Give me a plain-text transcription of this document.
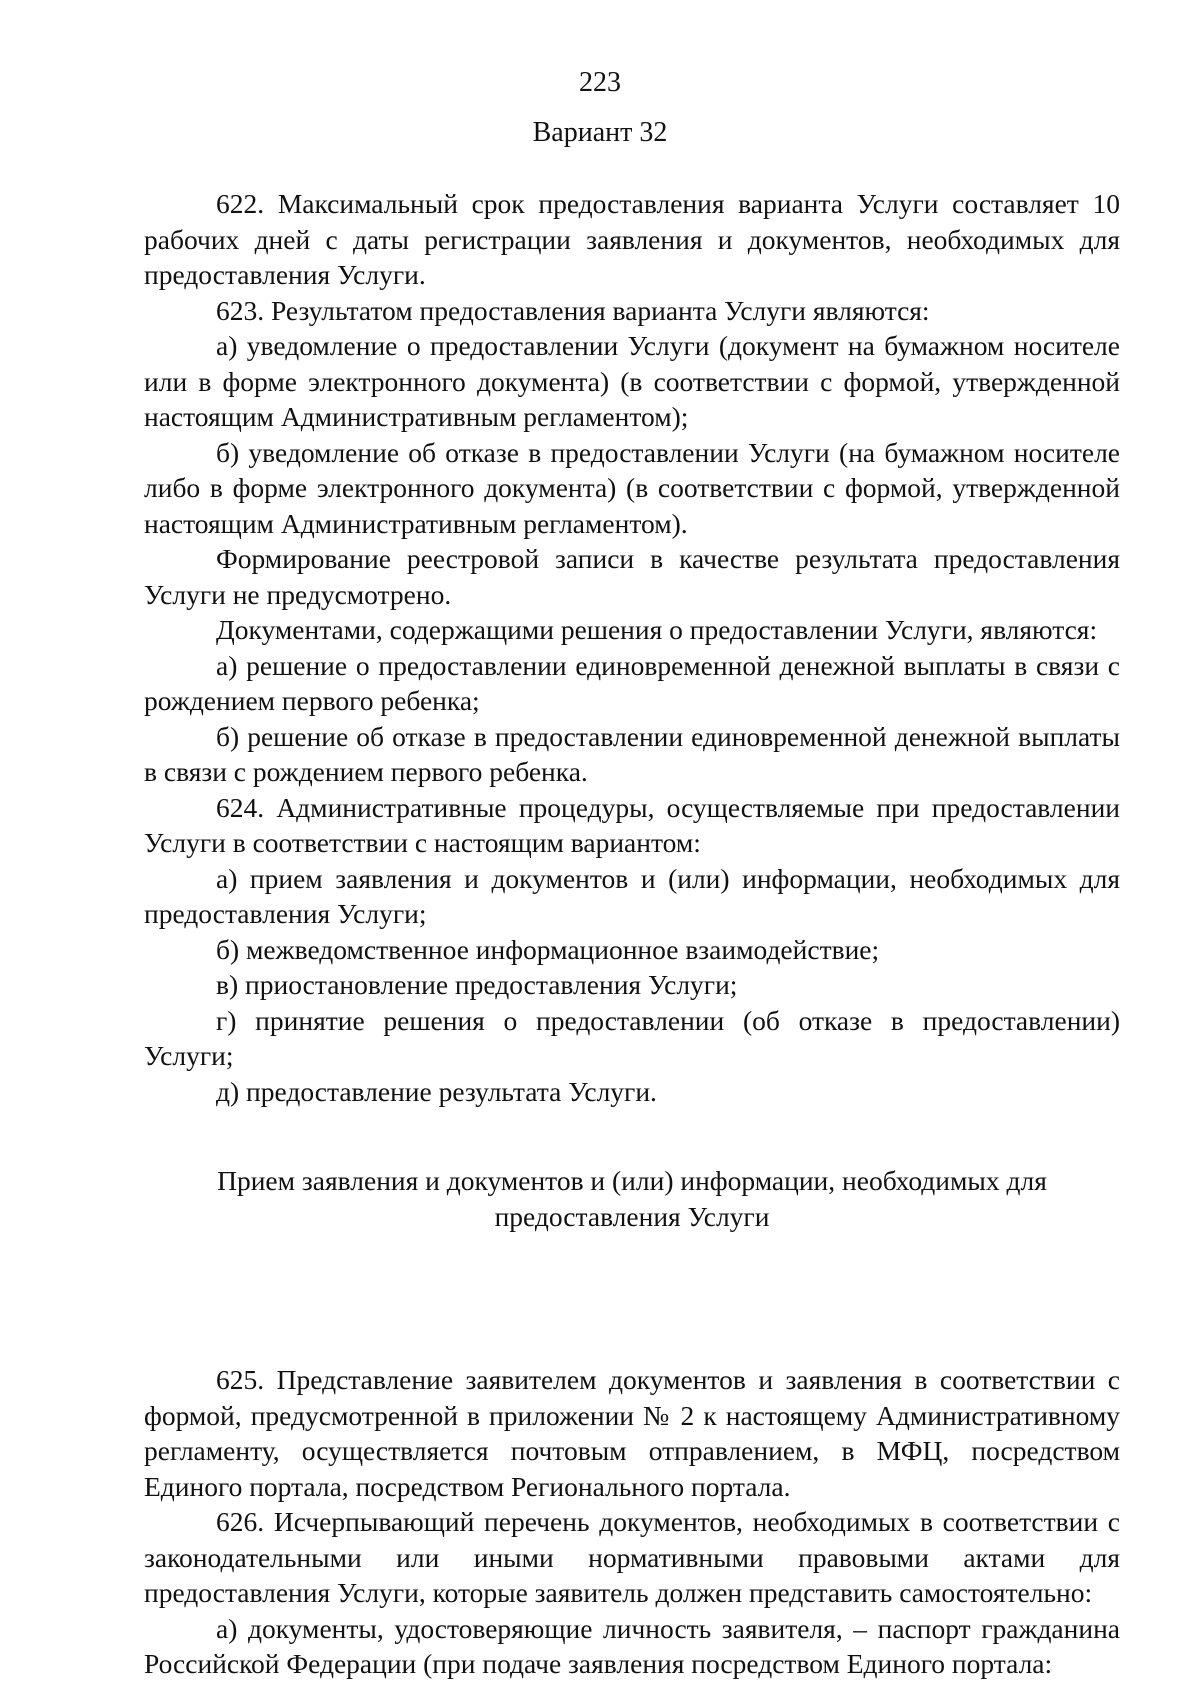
223
Вариант 32

622. Максимальный срок предоставления варианта Услуги составляет 10 рабочих дней с даты регистрации заявления и документов, необходимых для предоставления Услуги.

623. Результатом предоставления варианта Услуги являются:

а) уведомление о предоставлении Услуги (документ на бумажном носителе или в форме электронного документа) (в соответствии с формой, утвержденной настоящим Административным регламентом);

б) уведомление об отказе в предоставлении Услуги (на бумажном носителе либо в форме электронного документа) (в соответствии с формой, утвержденной настоящим Административным регламентом).

Формирование реестровой записи в качестве результата предоставления Услуги не предусмотрено.

Документами, содержащими решения о предоставлении Услуги, являются:

а) решение о предоставлении единовременной денежной выплаты в связи с рождением первого ребенка;

б) решение об отказе в предоставлении единовременной денежной выплаты в связи с рождением первого ребенка.

624. Административные процедуры, осуществляемые при предоставлении Услуги в соответствии с настоящим вариантом:

а) прием заявления и документов и (или) информации, необходимых для предоставления Услуги;

б) межведомственное информационное взаимодействие;

в) приостановление предоставления Услуги;

г) принятие решения о предоставлении (об отказе в предоставлении) Услуги;

д) предоставление результата Услуги.

Прием заявления и документов и (или) информации, необходимых для
предоставления Услуги

625. Представление заявителем документов и заявления в соответствии с формой, предусмотренной в приложении № 2 к настоящему Административному регламенту, осуществляется почтовым отправлением, в МФЦ, посредством Единого портала, посредством Регионального портала.

626. Исчерпывающий перечень документов, необходимых в соответствии с законодательными или иными нормативными правовыми актами для предоставления Услуги, которые заявитель должен представить самостоятельно:

а) документы, удостоверяющие личность заявителя, – паспорт гражданина Российской Федерации (при подаче заявления посредством Единого портала:
